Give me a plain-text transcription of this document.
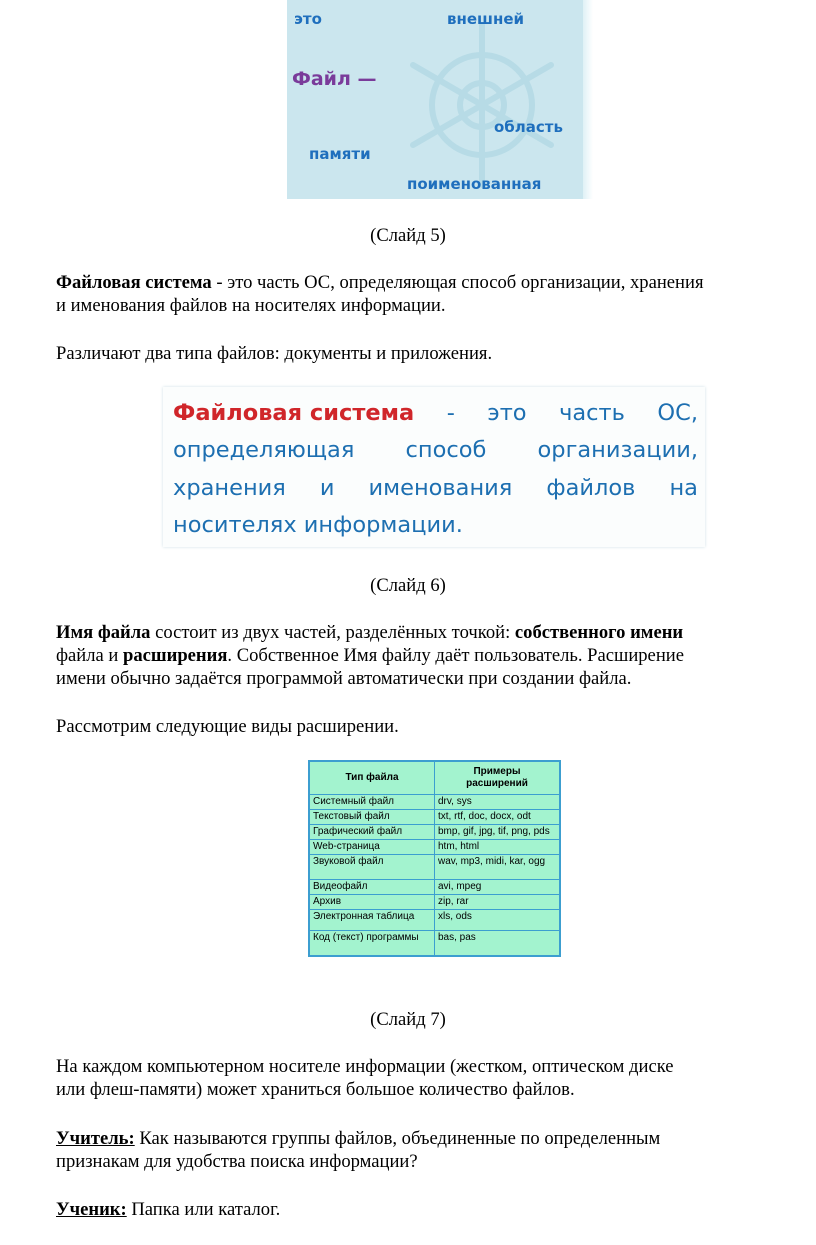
это	внешней
Файл —
область
памяти
поименованная

(Слайд 5)

Файловая система - это часть ОС, определяющая способ организации, хранения
и именования файлов на носителях информации.

Различают два типа файлов: документы и приложения.

Файловая система - это часть ОС,
определяющая способ организации,
хранения и именования файлов на
носителях информации.

(Слайд 6)

Имя файла состоит из двух частей, разделённых точкой: собственного имени
файла и расширения. Собственное Имя файлу даёт пользователь. Расширение
имени обычно задаётся программой автоматически при создании файла.

Рассмотрим следующие виды расширении.

Тип файла	Примеры расширений
Системный файл	drv, sys
Текстовый файл	txt, rtf, doc, docx, odt
Графический файл	bmp, gif, jpg, tif, png, pds
Web-страница	htm, html
Звуковой файл	wav, mp3, midi, kar, ogg
Видеофайл	avi, mpeg
Архив	zip, rar
Электронная таблица	xls, ods
Код (текст) программы	bas, pas

(Слайд 7)

На каждом компьютерном носителе информации (жестком, оптическом диске
или флеш-памяти) может храниться большое количество файлов.

Учитель: Как называются группы файлов, объединенные по определенным
признакам для удобства поиска информации?

Ученик: Папка или каталог.
